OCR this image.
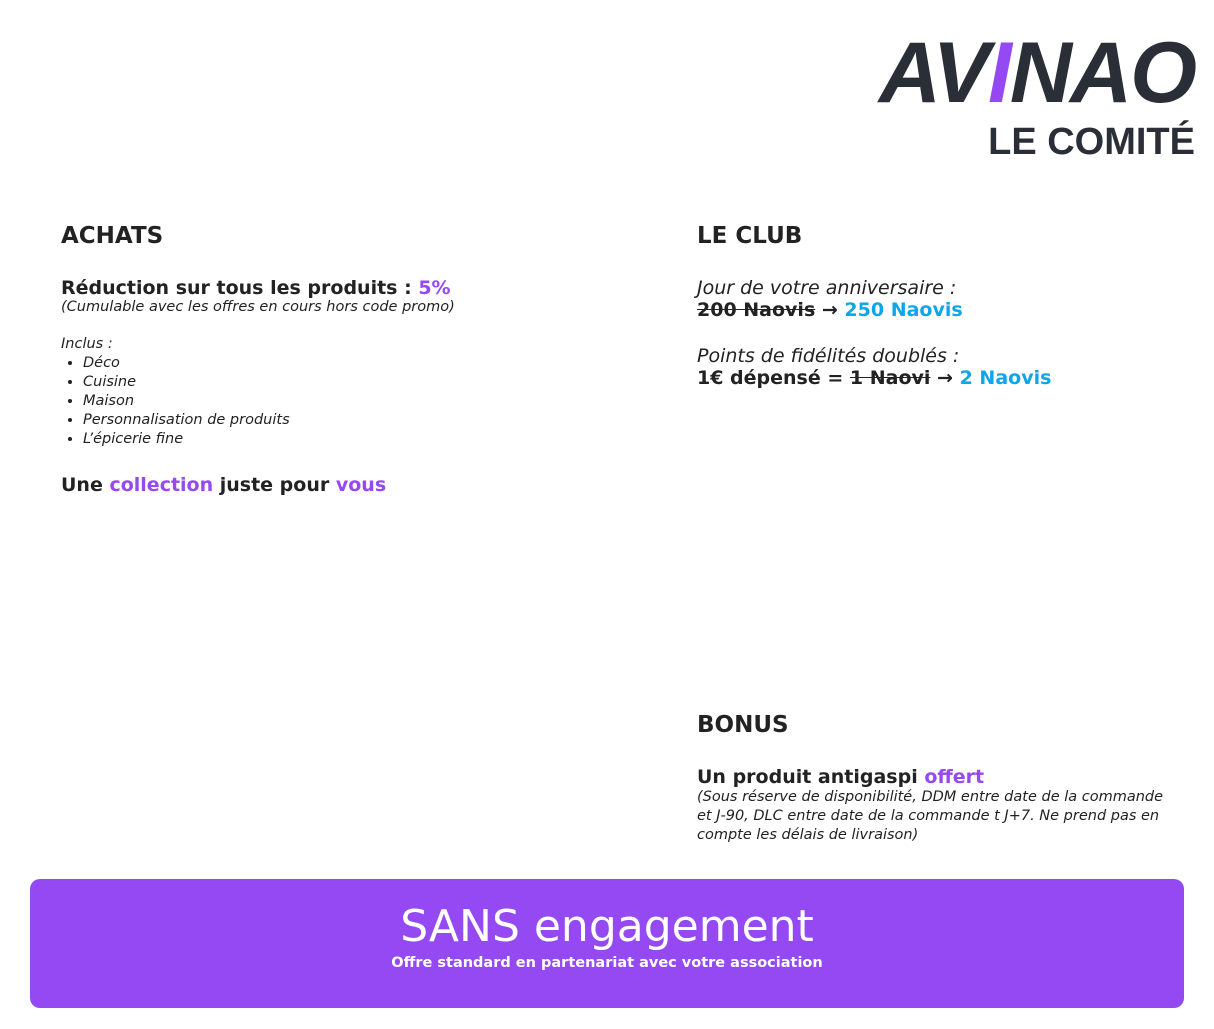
AVINAO
LE COMITÉ
ACHATS
Réduction sur tous les produits : 5%
(Cumulable avec les offres en cours hors code promo)
Inclus :
• Déco
• Cuisine
• Maison
• Personnalisation de produits
• L’épicerie fine
Une collection juste pour vous
LE CLUB
Jour de votre anniversaire :
200 Naovis → 250 Naovis
Points de fidélités doublés :
1€ dépensé = 1 Naovi → 2 Naovis
BONUS
Un produit antigaspi offert
(Sous réserve de disponibilité, DDM entre date de la commande et J-90, DLC entre date de la commande t J+7. Ne prend pas en compte les délais de livraison)
SANS engagement
Offre standard en partenariat avec votre association
